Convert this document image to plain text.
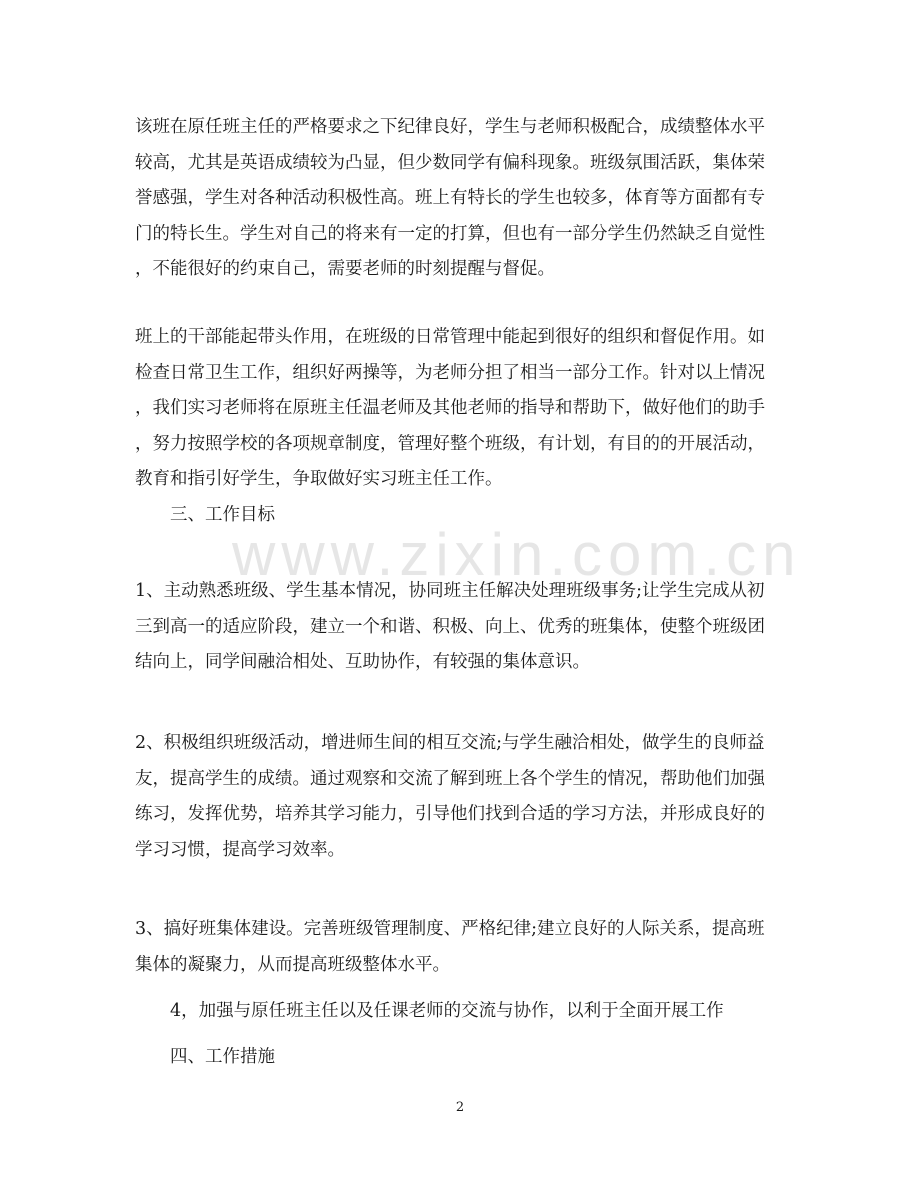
www.zixin.com.cn
该班在原任班主任的严格要求之下纪律良好，学生与老师积极配合，成绩整体水平
较高，尤其是英语成绩较为凸显，但少数同学有偏科现象。班级氛围活跃，集体荣
誉感强，学生对各种活动积极性高。班上有特长的学生也较多，体育等方面都有专
门的特长生。学生对自己的将来有一定的打算，但也有一部分学生仍然缺乏自觉性
，不能很好的约束自己，需要老师的时刻提醒与督促。
班上的干部能起带头作用，在班级的日常管理中能起到很好的组织和督促作用。如
检查日常卫生工作，组织好两操等，为老师分担了相当一部分工作。针对以上情况
，我们实习老师将在原班主任温老师及其他老师的指导和帮助下，做好他们的助手
，努力按照学校的各项规章制度，管理好整个班级，有计划，有目的的开展活动，
教育和指引好学生，争取做好实习班主任工作。
三、工作目标
1、主动熟悉班级、学生基本情况，协同班主任解决处理班级事务;让学生完成从初
三到高一的适应阶段，建立一个和谐、积极、向上、优秀的班集体，使整个班级团
结向上，同学间融洽相处、互助协作，有较强的集体意识。
2、积极组织班级活动，增进师生间的相互交流;与学生融洽相处，做学生的良师益
友，提高学生的成绩。通过观察和交流了解到班上各个学生的情况，帮助他们加强
练习，发挥优势，培养其学习能力，引导他们找到合适的学习方法，并形成良好的
学习习惯，提高学习效率。
3、搞好班集体建设。完善班级管理制度、严格纪律;建立良好的人际关系，提高班
集体的凝聚力，从而提高班级整体水平。
4，加强与原任班主任以及任课老师的交流与协作，以利于全面开展工作
四、工作措施
2
